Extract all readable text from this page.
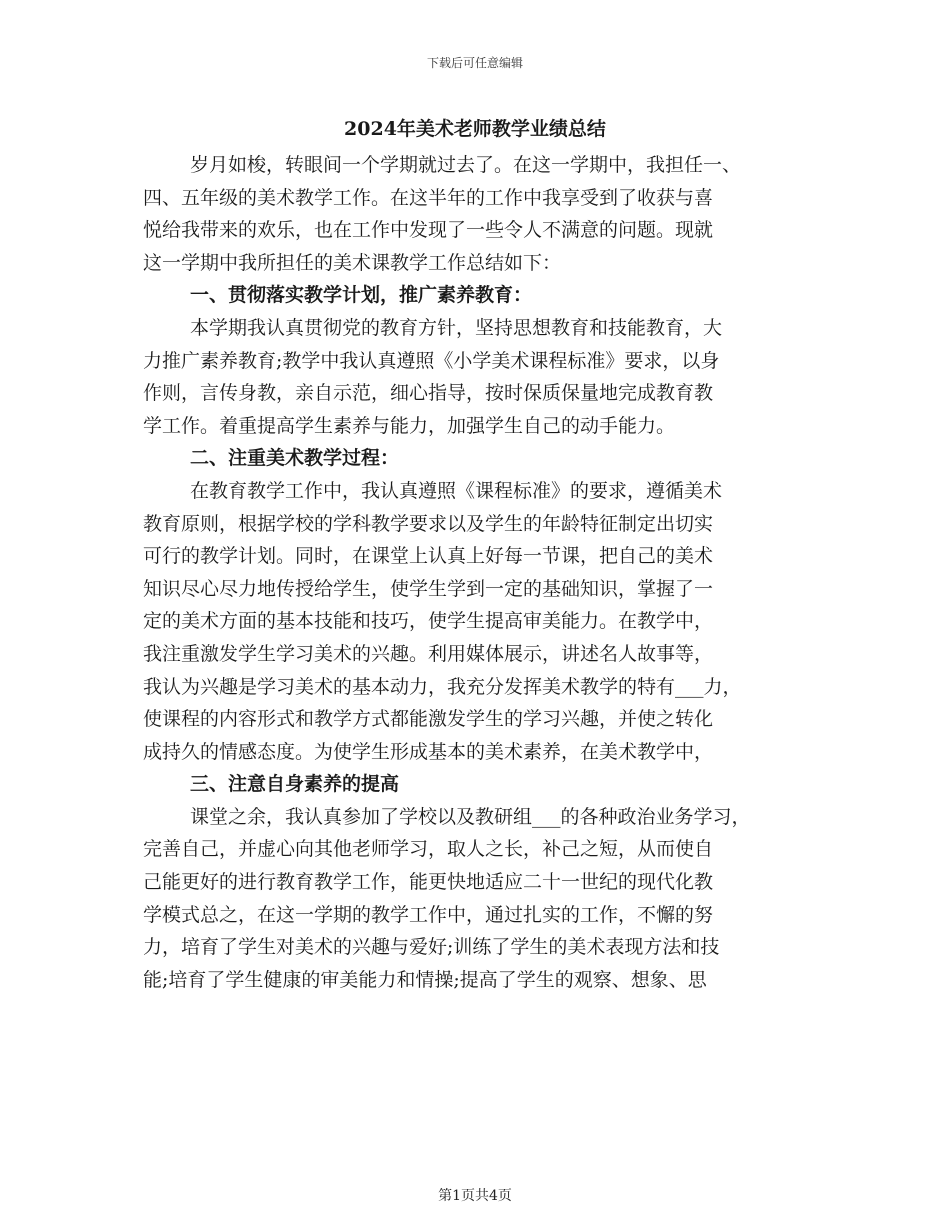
下载后可任意编辑
2024年美术老师教学业绩总结
岁月如梭，转眼间一个学期就过去了。在这一学期中，我担任一、
四、五年级的美术教学工作。在这半年的工作中我享受到了收获与喜
悦给我带来的欢乐，也在工作中发现了一些令人不满意的问题。现就
这一学期中我所担任的美术课教学工作总结如下：
一、贯彻落实教学计划，推广素养教育：
本学期我认真贯彻党的教育方针，坚持思想教育和技能教育，大
力推广素养教育;教学中我认真遵照《小学美术课程标准》要求，以身
作则，言传身教，亲自示范，细心指导，按时保质保量地完成教育教
学工作。着重提高学生素养与能力，加强学生自己的动手能力。
二、注重美术教学过程：
在教育教学工作中，我认真遵照《课程标准》的要求，遵循美术
教育原则，根据学校的学科教学要求以及学生的年龄特征制定出切实
可行的教学计划。同时，在课堂上认真上好每一节课，把自己的美术
知识尽心尽力地传授给学生，使学生学到一定的基础知识，掌握了一
定的美术方面的基本技能和技巧，使学生提高审美能力。在教学中，
我注重激发学生学习美术的兴趣。利用媒体展示，讲述名人故事等，
我认为兴趣是学习美术的基本动力，我充分发挥美术教学的特有___力，
使课程的内容形式和教学方式都能激发学生的学习兴趣，并使之转化
成持久的情感态度。为使学生形成基本的美术素养，在美术教学中，
三、注意自身素养的提高
课堂之余，我认真参加了学校以及教研组___的各种政治业务学习，
完善自己，并虚心向其他老师学习，取人之长，补己之短，从而使自
己能更好的进行教育教学工作，能更快地适应二十一世纪的现代化教
学模式总之，在这一学期的教学工作中，通过扎实的工作，不懈的努
力，培育了学生对美术的兴趣与爱好;训练了学生的美术表现方法和技
能;培育了学生健康的审美能力和情操;提高了学生的观察、想象、思
第1页共4页
